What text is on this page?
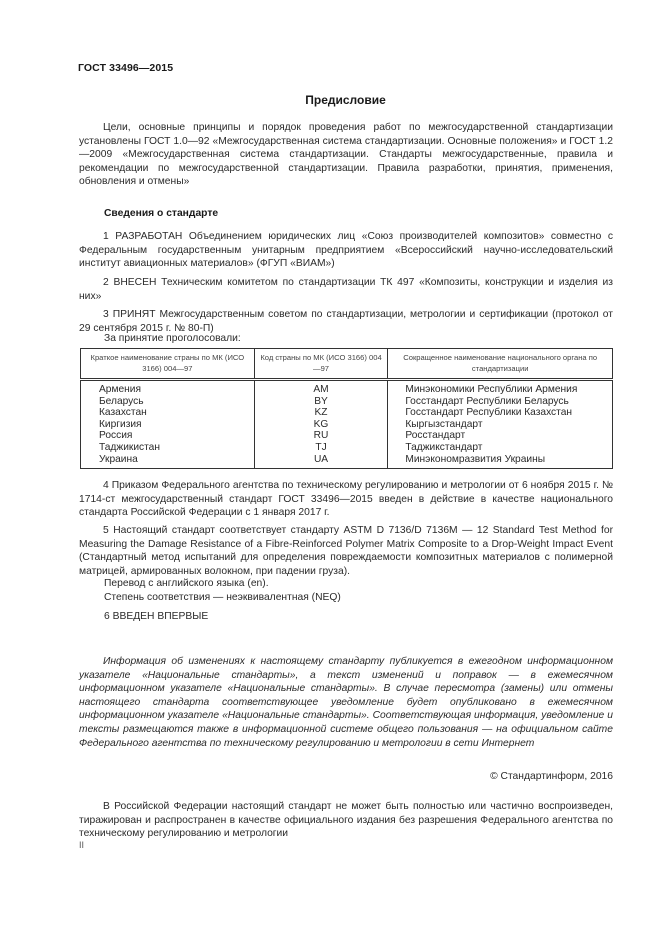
ГОСТ 33496—2015
Предисловие
Цели, основные принципы и порядок проведения работ по межгосударственной стандартизации установлены ГОСТ 1.0—92 «Межгосударственная система стандартизации. Основные положения» и ГОСТ 1.2—2009 «Межгосударственная система стандартизации. Стандарты межгосударственные, правила и рекомендации по межгосударственной стандартизации. Правила разработки, принятия, применения, обновления и отмены»
Сведения о стандарте
1 РАЗРАБОТАН Объединением юридических лиц «Союз производителей композитов» совместно с Федеральным государственным унитарным предприятием «Всероссийский научно-исследовательский институт авиационных материалов» (ФГУП «ВИАМ»)
2 ВНЕСЕН Техническим комитетом по стандартизации ТК 497 «Композиты, конструкции и изделия из них»
3 ПРИНЯТ Межгосударственным советом по стандартизации, метрологии и сертификации (протокол от 29 сентября 2015 г. № 80-П)
За принятие проголосовали:
Краткое наименование страны по МК (ИСО 3166) 004—97	Код страны по МК (ИСО 3166) 004—97	Сокращенное наименование национального органа по стандартизации
Армения	AM	Минэкономики Республики Армения
Беларусь	BY	Госстандарт Республики Беларусь
Казахстан	KZ	Госстандарт Республики Казахстан
Киргизия	KG	Кыргызстандарт
Россия	RU	Росстандарт
Таджикистан	TJ	Таджикстандарт
Украина	UA	Минэкономразвития Украины
4 Приказом Федерального агентства по техническому регулированию и метрологии от 6 ноября 2015 г. № 1714-ст межгосударственный стандарт ГОСТ 33496—2015 введен в действие в качестве национального стандарта Российской Федерации с 1 января 2017 г.
5 Настоящий стандарт соответствует стандарту ASTM D 7136/D 7136M — 12 Standard Test Method for Measuring the Damage Resistance of a Fibre-Reinforced Polymer Matrix Composite to a Drop-Weight Impact Event (Стандартный метод испытаний для определения повреждаемости композитных материалов с полимерной матрицей, армированных волокном, при падении груза).
Перевод с английского языка (en).
Степень соответствия — неэквивалентная (NEQ)
6 ВВЕДЕН ВПЕРВЫЕ
Информация об изменениях к настоящему стандарту публикуется в ежегодном информационном указателе «Национальные стандарты», а текст изменений и поправок — в ежемесячном информационном указателе «Национальные стандарты». В случае пересмотра (замены) или отмены настоящего стандарта соответствующее уведомление будет опубликовано в ежемесячном информационном указателе «Национальные стандарты». Соответствующая информация, уведомление и тексты размещаются также в информационной системе общего пользования — на официальном сайте Федерального агентства по техническому регулированию и метрологии в сети Интернет
© Стандартинформ, 2016
В Российской Федерации настоящий стандарт не может быть полностью или частично воспроизведен, тиражирован и распространен в качестве официального издания без разрешения Федерального агентства по техническому регулированию и метрологии
II
